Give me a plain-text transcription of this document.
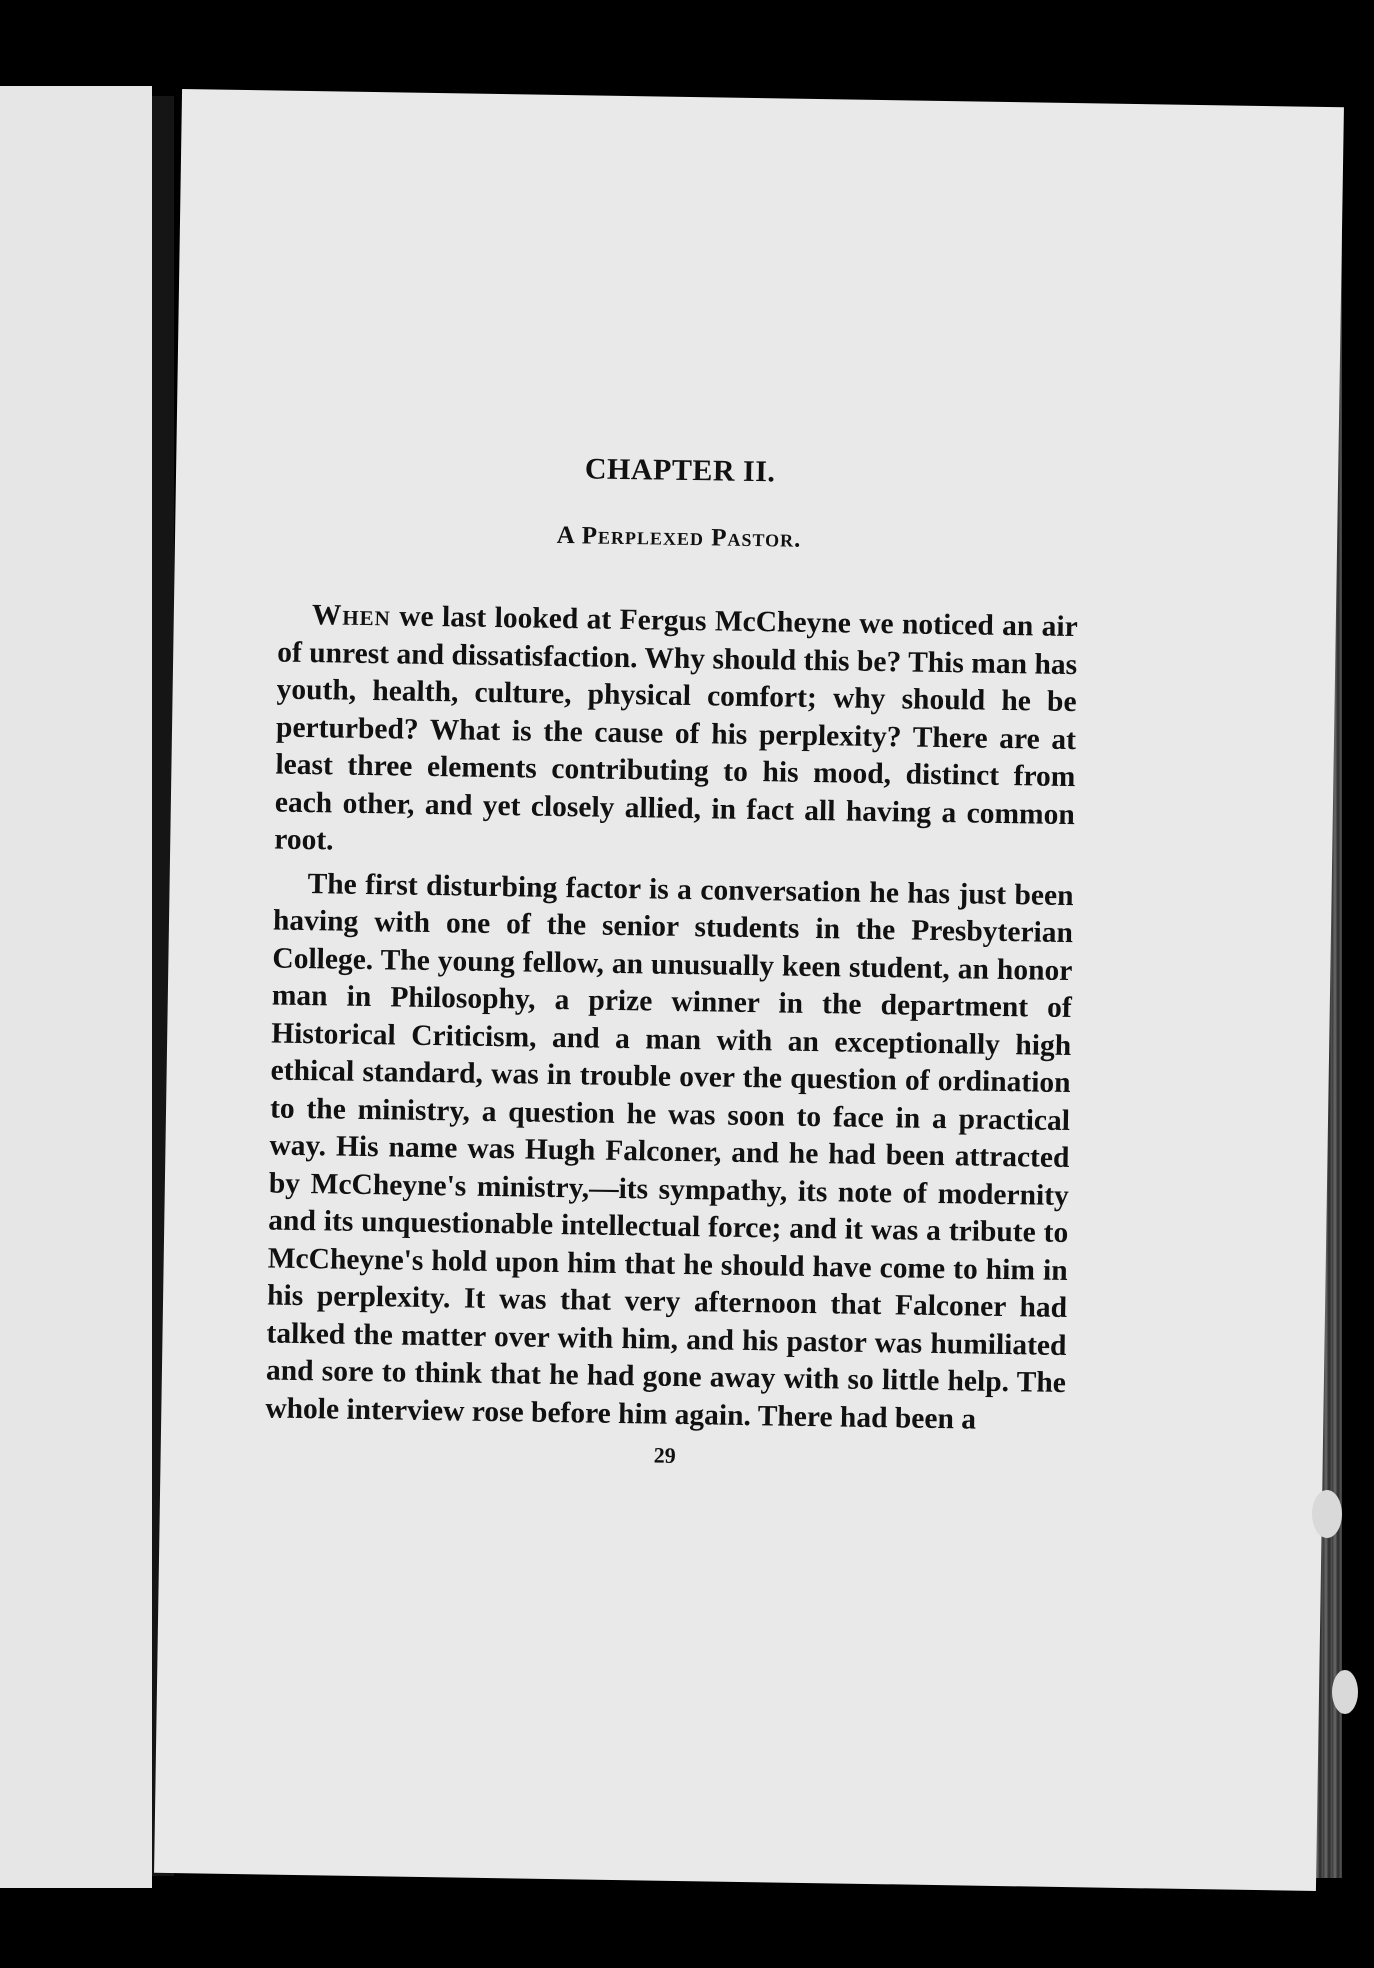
CHAPTER II.
A Perplexed Pastor.

When we last looked at Fergus McCheyne we noticed an air of unrest and dissatisfaction. Why should this be? This man has youth, health, culture, physical comfort; why should he be perturbed? What is the cause of his perplexity? There are at least three elements contributing to his mood, distinct from each other, and yet closely allied, in fact all having a common root.

The first disturbing factor is a conversation he has just been having with one of the senior students in the Presbyterian College. The young fellow, an unusually keen student, an honor man in Philosophy, a prize winner in the department of Historical Criticism, and a man with an exceptionally high ethical standard, was in trouble over the question of ordination to the ministry, a question he was soon to face in a practical way. His name was Hugh Falconer, and he had been attracted by McCheyne's ministry,—its sympathy, its note of modernity and its unquestionable intellectual force; and it was a tribute to McCheyne's hold upon him that he should have come to him in his perplexity. It was that very afternoon that Falconer had talked the matter over with him, and his pastor was humiliated and sore to think that he had gone away with so little help. The whole interview rose before him again. There had been a

29
